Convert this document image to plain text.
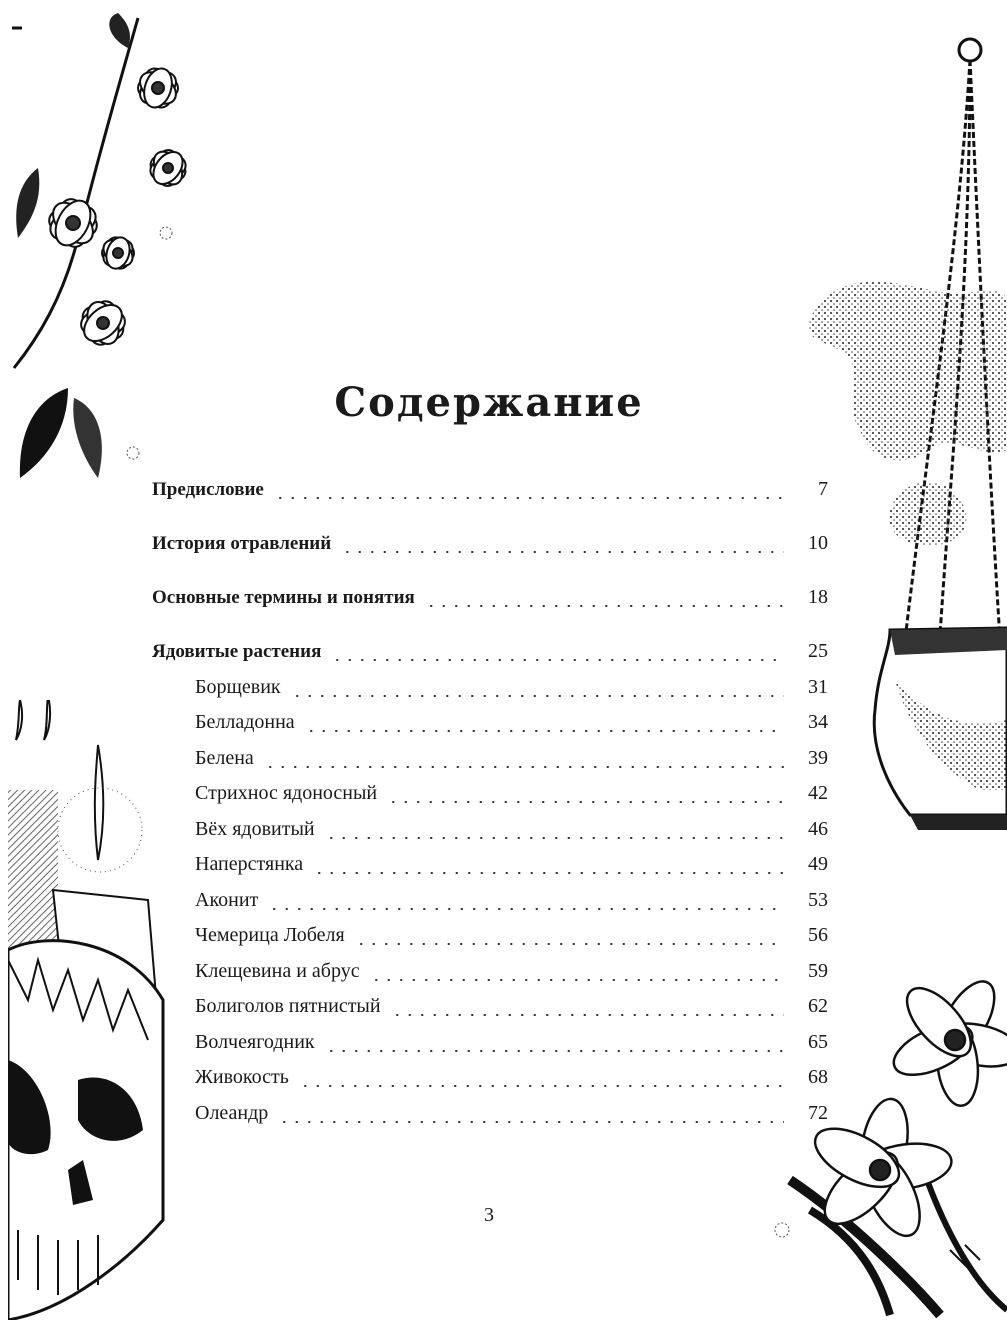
Содержание
Предисловие	7
История отравлений	10
Основные термины и понятия	18
Ядовитые растения	25
Борщевик	31
Белладонна	34
Белена	39
Стрихнос ядоносный	42
Вёх ядовитый	46
Наперстянка	49
Аконит	53
Чемерица Лобеля	56
Клещевина и абрус	59
Болиголов пятнистый	62
Волчеягодник	65
Живокость	68
Олеандр	72
3
